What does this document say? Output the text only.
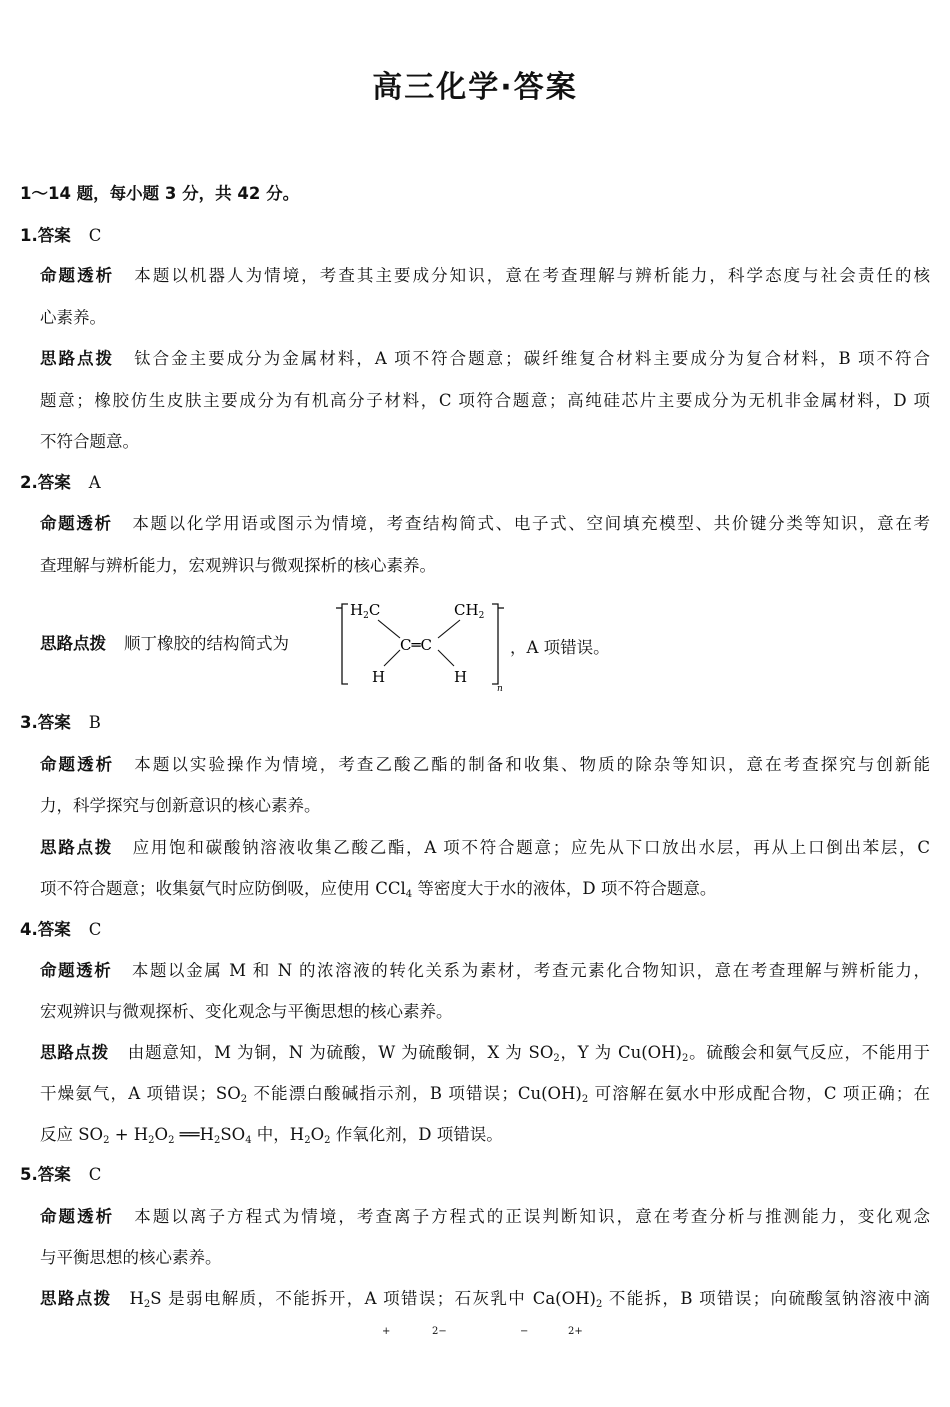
高三化学·答案
1～14 题，每小题 3 分，共 42 分。
1.答案 C
命题透析 本题以机器人为情境，考查其主要成分知识，意在考查理解与辨析能力，科学态度与社会责任的核
心素养。
思路点拨 钛合金主要成分为金属材料，A 项不符合题意；碳纤维复合材料主要成分为复合材料，B 项不符合
题意；橡胶仿生皮肤主要成分为有机高分子材料，C 项符合题意；高纯硅芯片主要成分为无机非金属材料，D 项
不符合题意。
2.答案 A
命题透析 本题以化学用语或图示为情境，考查结构简式、电子式、空间填充模型、共价键分类等知识，意在考
查理解与辨析能力，宏观辨识与微观探析的核心素养。
思路点拨 顺丁橡胶的结构简式为
$H_2C$	$CH_2$
C═C
H	H
n
，A 项错误。
3.答案 B
命题透析 本题以实验操作为情境，考查乙酸乙酯的制备和收集、物质的除杂等知识，意在考查探究与创新能
力，科学探究与创新意识的核心素养。
思路点拨 应用饱和碳酸钠溶液收集乙酸乙酯，A 项不符合题意；应先从下口放出水层，再从上口倒出苯层，C
项不符合题意；收集氨气时应防倒吸，应使用 CCl$_4$ 等密度大于水的液体，D 项不符合题意。
4.答案 C
命题透析 本题以金属 M 和 N 的浓溶液的转化关系为素材，考查元素化合物知识，意在考查理解与辨析能力，
宏观辨识与微观探析、变化观念与平衡思想的核心素养。
思路点拨 由题意知，M 为铜，N 为硫酸，W 为硫酸铜，X 为 $SO_2$，Y 为 $Cu(OH)_2$。硫酸会和氨气反应，不能用于
干燥氨气，A 项错误；$SO_2$ 不能漂白酸碱指示剂，B 项错误；$Cu(OH)_2$ 可溶解在氨水中形成配合物，C 项正确；在
反应 $SO_2 + H_2O_2$ $══H_2SO_4$ 中，$H_2O_2$ 作氧化剂，D 项错误。
5.答案 C
命题透析 本题以离子方程式为情境，考查离子方程式的正误判断知识，意在考查分析与推测能力，变化观念
与平衡思想的核心素养。
思路点拨 $H_2S$ 是弱电解质，不能拆开，A 项错误；石灰乳中 $Ca(OH)_2$ 不能拆，B 项错误；向硫酸氢钠溶液中滴
+	2−	−	2+
